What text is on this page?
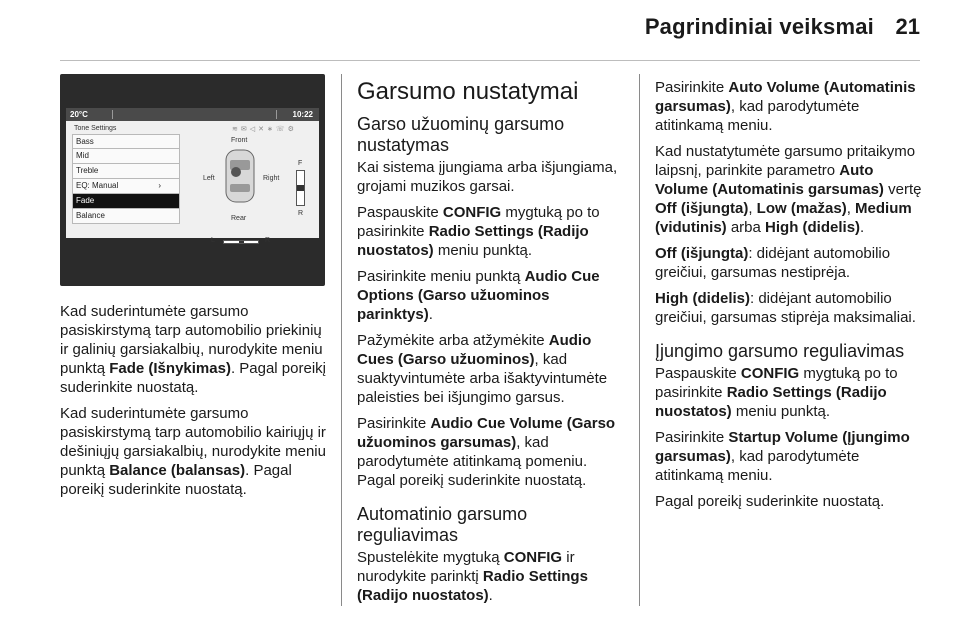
Pagrindiniai veiksmai 21
20°C	10:22
Tone Settings	≋✉◁✕∗☏⚙
Bass
Mid
Treble
EQ: Manual	›
Fade
Balance
Front
Left	Right
Rear
F
R
L	R

Kad suderintumėte garsumo pasiskirstymą tarp automobilio priekinių ir galinių garsiakalbių, nurodykite meniu punktą Fade (Išnykimas). Pagal poreikį suderinkite nuostatą.

Kad suderintumėte garsumo pasiskirstymą tarp automobilio kairiųjų ir dešiniųjų garsiakalbių, nurodykite meniu punktą Balance (balansas). Pagal poreikį suderinkite nuostatą.

Garsumo nustatymai
Garso užuominų garsumo nustatymas

Kai sistema įjungiama arba išjungiama, grojami muzikos garsai.

Paspauskite CONFIG mygtuką po to pasirinkite Radio Settings (Radijo nuostatos) meniu punktą.

Pasirinkite meniu punktą Audio Cue Options (Garso užuominos parinktys).

Pažymėkite arba atžymėkite Audio Cues (Garso užuominos), kad suaktyvintumėte arba išaktyvintumėte paleisties bei išjungimo garsus.

Pasirinkite Audio Cue Volume (Garso užuominos garsumas), kad parodytumėte atitinkamą pomeniu. Pagal poreikį suderinkite nuostatą.

Automatinio garsumo reguliavimas

Spustelėkite mygtuką CONFIG ir nurodykite parinktį Radio Settings (Radijo nuostatos).

Pasirinkite Auto Volume (Automatinis garsumas), kad parodytumėte atitinkamą meniu.

Kad nustatytumėte garsumo pritaikymo laipsnį, parinkite parametro Auto Volume (Automatinis garsumas) vertę Off (išjungta), Low (mažas), Medium (vidutinis) arba High (didelis).

Off (išjungta): didėjant automobilio greičiui, garsumas nestiprėja.

High (didelis): didėjant automobilio greičiui, garsumas stiprėja maksimaliai.

Įjungimo garsumo reguliavimas

Paspauskite CONFIG mygtuką po to pasirinkite Radio Settings (Radijo nuostatos) meniu punktą.

Pasirinkite Startup Volume (Įjungimo garsumas), kad parodytumėte atitinkamą meniu.

Pagal poreikį suderinkite nuostatą.
